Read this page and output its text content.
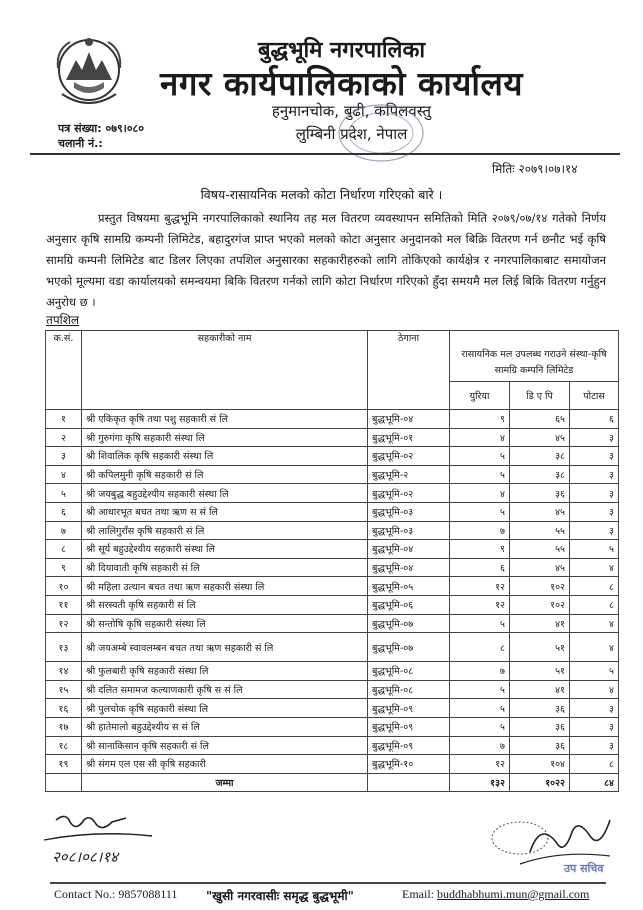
बुद्धभूमि नगरपालिका
नगर कार्यपालिकाको कार्यालय
हनुमानचोक, बुढी, कपिलवस्तु
लुम्बिनी प्रदेश, नेपाल
पत्र संख्या: ०७९।०८०
चलानी नं.:
मितिः २०७९।०७।१४
विषय-रासायनिक मलको कोटा निर्धारण गरिएको बारे ।
प्रस्तुत विषयमा बुद्धभूमि नगरपालिकाको स्थानिय तह मल वितरण व्यवस्थापन समितिको मिति २०७९/०७/१४ गतेको निर्णय अनुसार कृषि सामग्रि कम्पनी लिमिटेड, बहादुरगंज प्राप्त भएको मलको कोटा अनुसार अनुदानको मल बिक्रि वितरण गर्न छनौट भई कृषि सामग्रि कम्पनी लिमिटेड बाट डिलर लिएका तपशिल अनुसारका सहकारीहरुको लागि तोकिएको कार्यक्षेत्र र नगरपालिकाबाट समायोजन भएको मूल्यमा वडा कार्यालयको समन्वयमा बिकि वितरण गर्नको लागि कोटा निर्धारण गरिएको हुँदा समयमै मल लिई बिकि वितरण गर्नुहुन अनुरोध छ ।
तपशिल
क.सं.	सहकारीको नाम	ठेगाना	रासायनिक मल उपलब्ध गराउने संस्था-कृषि सामग्रि कम्पनि लिमिटेड		
			युरिया	डि ए पि	पोटास
१	श्री एकिकृत कृषि तथा पशु सहकारी सं लि	बुद्धभूमि-०४	९	६५	६
२	श्री गुरुगंगा कृषि सहकारी संस्था लि	बुद्धभूमि-०१	४	४५	३
३	श्री शिवालिक कृषि सहकारी संस्था लि	बुद्धभूमि-०२	५	३८	३
४	श्री कपिलमुनी कृषि सहकारी सं लि	बुद्धभूमि-२	५	३८	३
५	श्री जयबुद्ध बहुउद्देश्यीय सहकारी संस्था लि	बुद्धभूमि-०२	४	३६	३
६	श्री आधारभूत बचत तथा ऋण स सं लि	बुद्धभूमि-०३	५	४५	३
७	श्री लालिगुराँस कृषि सहकारी सं लि	बुद्धभूमि-०३	७	५५	३
८	श्री सूर्य बहुउद्देश्यीय सहकारी संस्था लि	बुद्धभूमि-०४	९	५५	५
९	श्री दियावाती कृषि सहकारी सं लि	बुद्धभूमि-०४	६	४५	४
१०	श्री महिला उत्थान बचत तथा ऋण सहकारी संस्था लि	बुद्धभूमि-०५	१२	१०२	८
११	श्री सरस्वती कृषि सहकारी सं लि	बुद्धभूमि-०६	१२	१०२	८
१२	श्री सन्तोषि कृषि सहकारी संस्था लि	बुद्धभूमि-०७	५	४१	४
१३	श्री जयअम्बे स्वावलम्बन बचत तथा ऋण सहकारी सं लि	बुद्धभूमि-०७	८	५१	४
१४	श्री फुलबारी कृषि सहकारी संस्था लि	बुद्धभूमि-०८	७	५१	५
१५	श्री दलित समामज कल्याणकारी कृषि स सं लि	बुद्धभूमि-०८	५	४१	४
१६	श्री पुलचोक कृषि सहकारी संस्था लि	बुद्धभूमि-०९	५	३६	३
१७	श्री हातेमालो बहुउद्देश्यीय स सं लि	बुद्धभूमि-०९	५	३६	३
१८	श्री सानाकिसान कृषि सहकारी सं लि	बुद्धभूमि-०९	७	३६	३
१९	श्री संगम एल एस सी कृषि सहकारी	बुद्धभूमि-१०	१२	१०४	८
	जम्मा		१३२	१०२२	८४
२०८।०८।१४
उप सचिव
Contact No.: 9857088111 "खुसी नगरवासीः समृद्ध बुद्धभूमी"	Email: buddhabhumi.mun@gmail.com
